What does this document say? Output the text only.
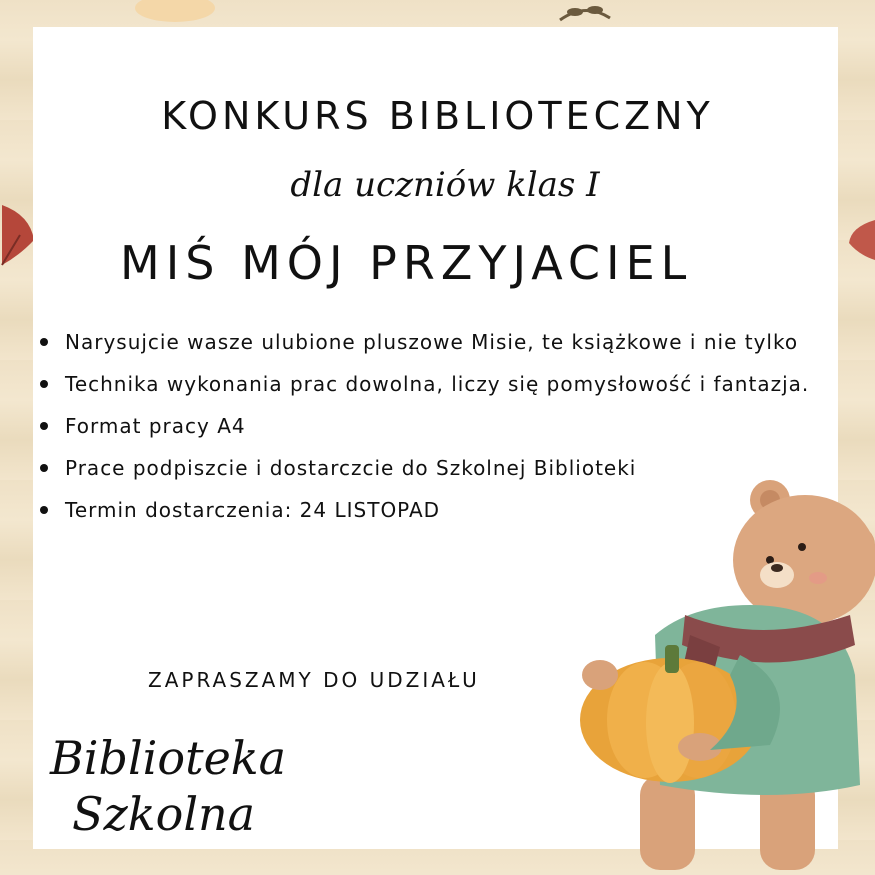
KONKURS BIBLIOTECZNY
dla uczniów klas I
MIŚ MÓJ PRZYJACIEL
Narysujcie wasze ulubione pluszowe Misie, te książkowe i nie tylko
Technika wykonania prac dowolna, liczy się pomysłowość i fantazja.
Format pracy A4
Prace podpiszcie i dostarczcie do Szkolnej Biblioteki
Termin dostarczenia: 24 LISTOPAD
ZAPRASZAMY DO UDZIAŁU
Biblioteka
Szkolna
